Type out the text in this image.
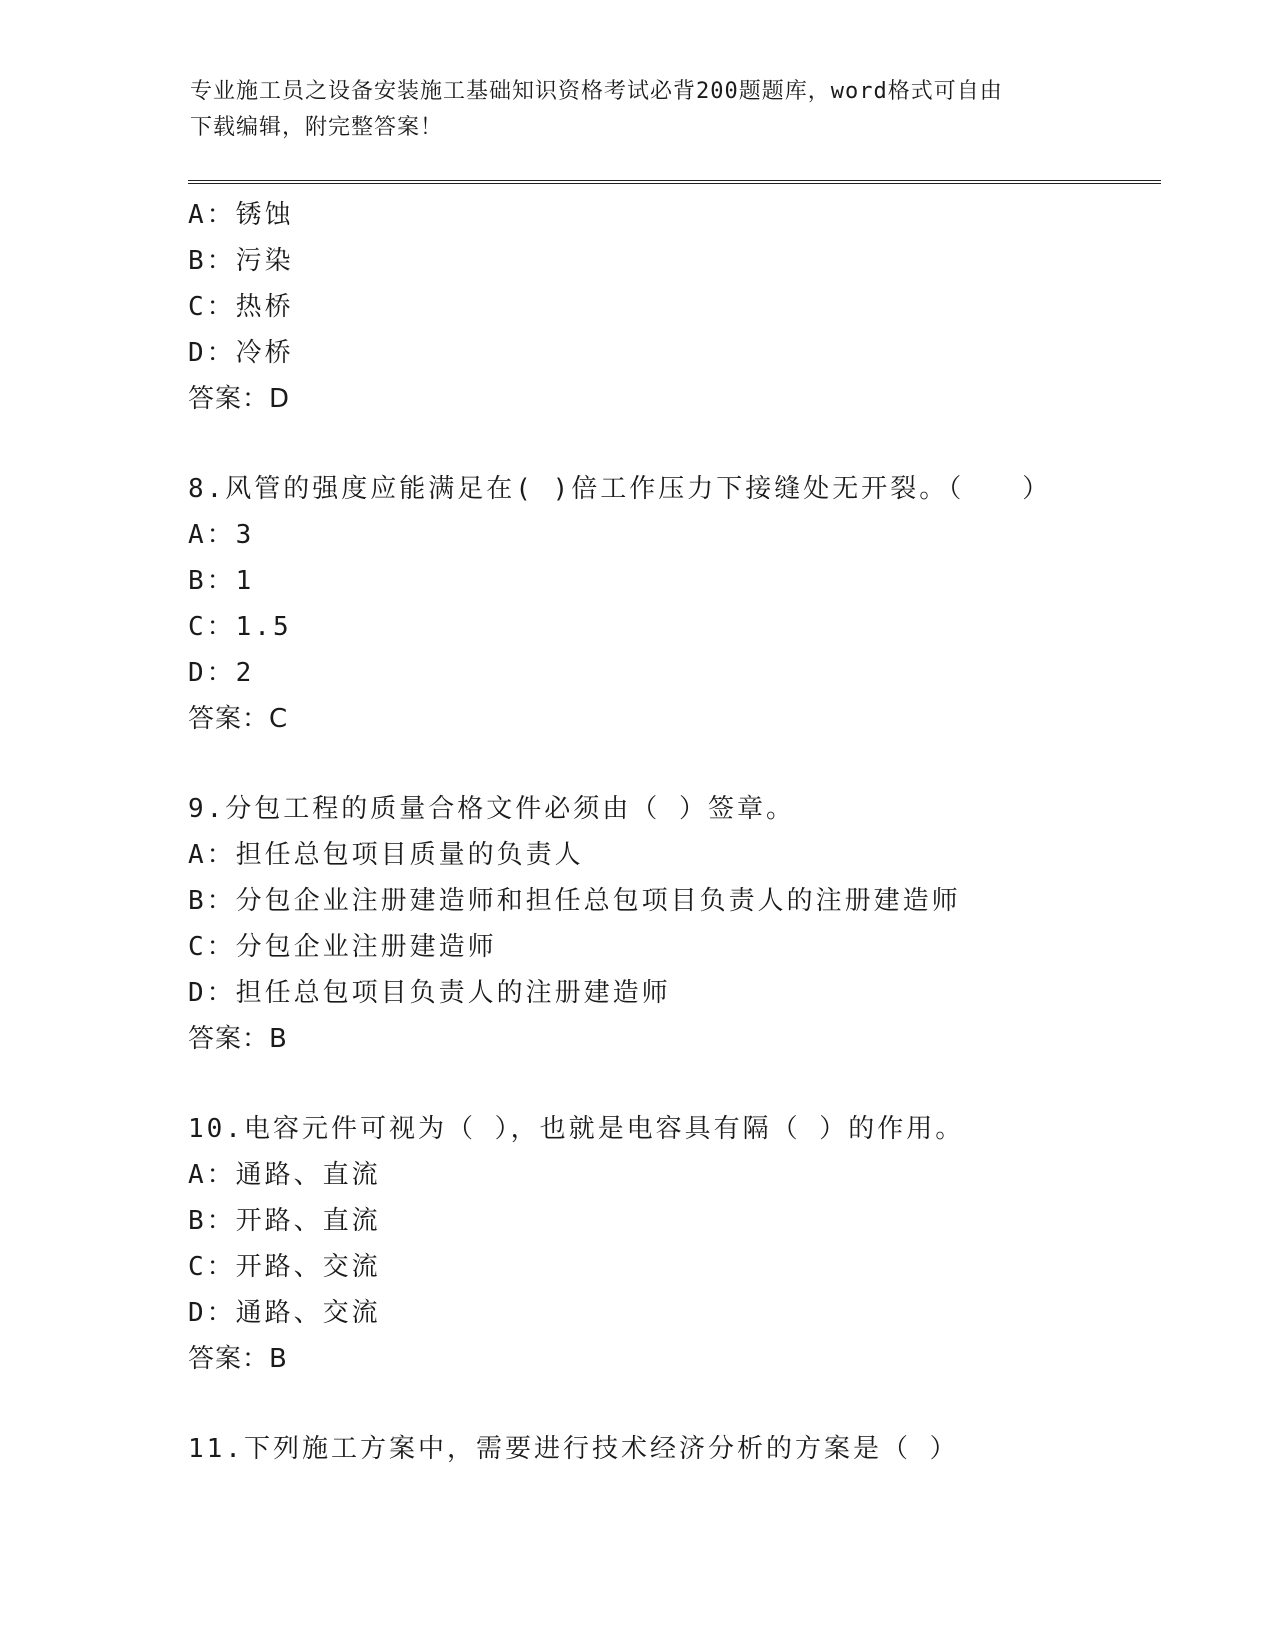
专业施工员之设备安装施工基础知识资格考试必背200题题库，word格式可自由
下载编辑，附完整答案！
A：锈蚀
B：污染
C：热桥
D：冷桥
答案：D
8.风管的强度应能满足在( )倍工作压力下接缝处无开裂。（　　）
A：3
B：1
C：1.5
D：2
答案：C
9.分包工程的质量合格文件必须由（ ）签章。
A：担任总包项目质量的负责人
B：分包企业注册建造师和担任总包项目负责人的注册建造师
C：分包企业注册建造师
D：担任总包项目负责人的注册建造师
答案：B
10.电容元件可视为（ ），也就是电容具有隔（ ）的作用。
A：通路、直流
B：开路、直流
C：开路、交流
D：通路、交流
答案：B
11.下列施工方案中，需要进行技术经济分析的方案是（ ）
